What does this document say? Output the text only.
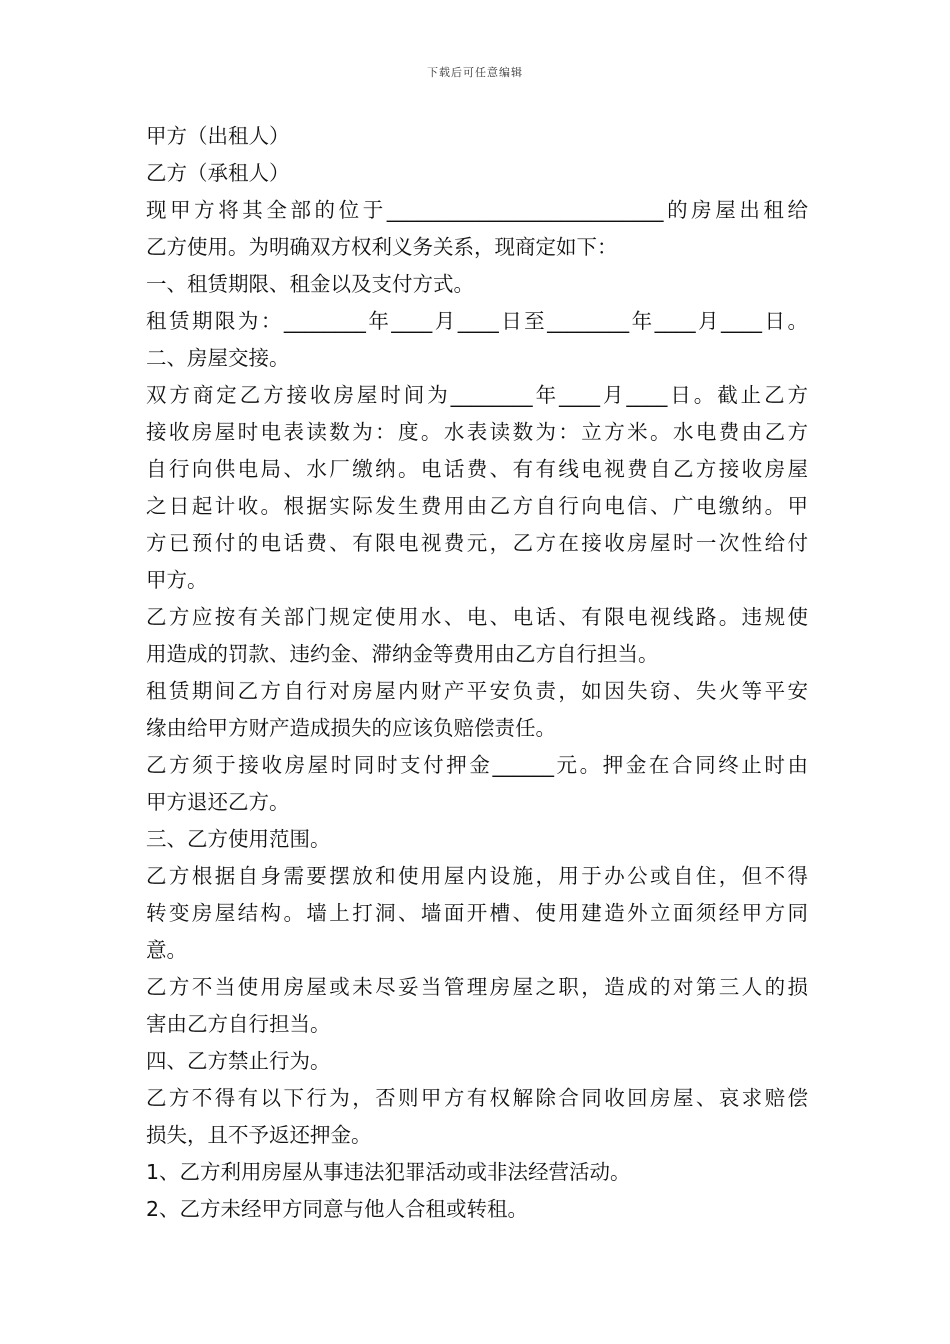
下载后可任意编辑
甲方（出租人）
乙方（承租人）
现甲方将其全部的位于___________________________的房屋出租给
乙方使用。为明确双方权利义务关系，现商定如下：
一、租赁期限、租金以及支付方式。
租赁期限为：________年____月____日至________年____月____日。
二、房屋交接。
双方商定乙方接收房屋时间为________年____月____日。截止乙方
接收房屋时电表读数为：度。水表读数为：立方米。水电费由乙方
自行向供电局、水厂缴纳。电话费、有有线电视费自乙方接收房屋
之日起计收。根据实际发生费用由乙方自行向电信、广电缴纳。甲
方已预付的电话费、有限电视费元，乙方在接收房屋时一次性给付
甲方。
乙方应按有关部门规定使用水、电、电话、有限电视线路。违规使
用造成的罚款、违约金、滞纳金等费用由乙方自行担当。
租赁期间乙方自行对房屋内财产平安负责，如因失窃、失火等平安
缘由给甲方财产造成损失的应该负赔偿责任。
乙方须于接收房屋时同时支付押金______元。押金在合同终止时由
甲方退还乙方。
三、乙方使用范围。
乙方根据自身需要摆放和使用屋内设施，用于办公或自住，但不得
转变房屋结构。墙上打洞、墙面开槽、使用建造外立面须经甲方同
意。
乙方不当使用房屋或未尽妥当管理房屋之职，造成的对第三人的损
害由乙方自行担当。
四、乙方禁止行为。
乙方不得有以下行为，否则甲方有权解除合同收回房屋、哀求赔偿
损失，且不予返还押金。
1、乙方利用房屋从事违法犯罪活动或非法经营活动。
2、乙方未经甲方同意与他人合租或转租。
